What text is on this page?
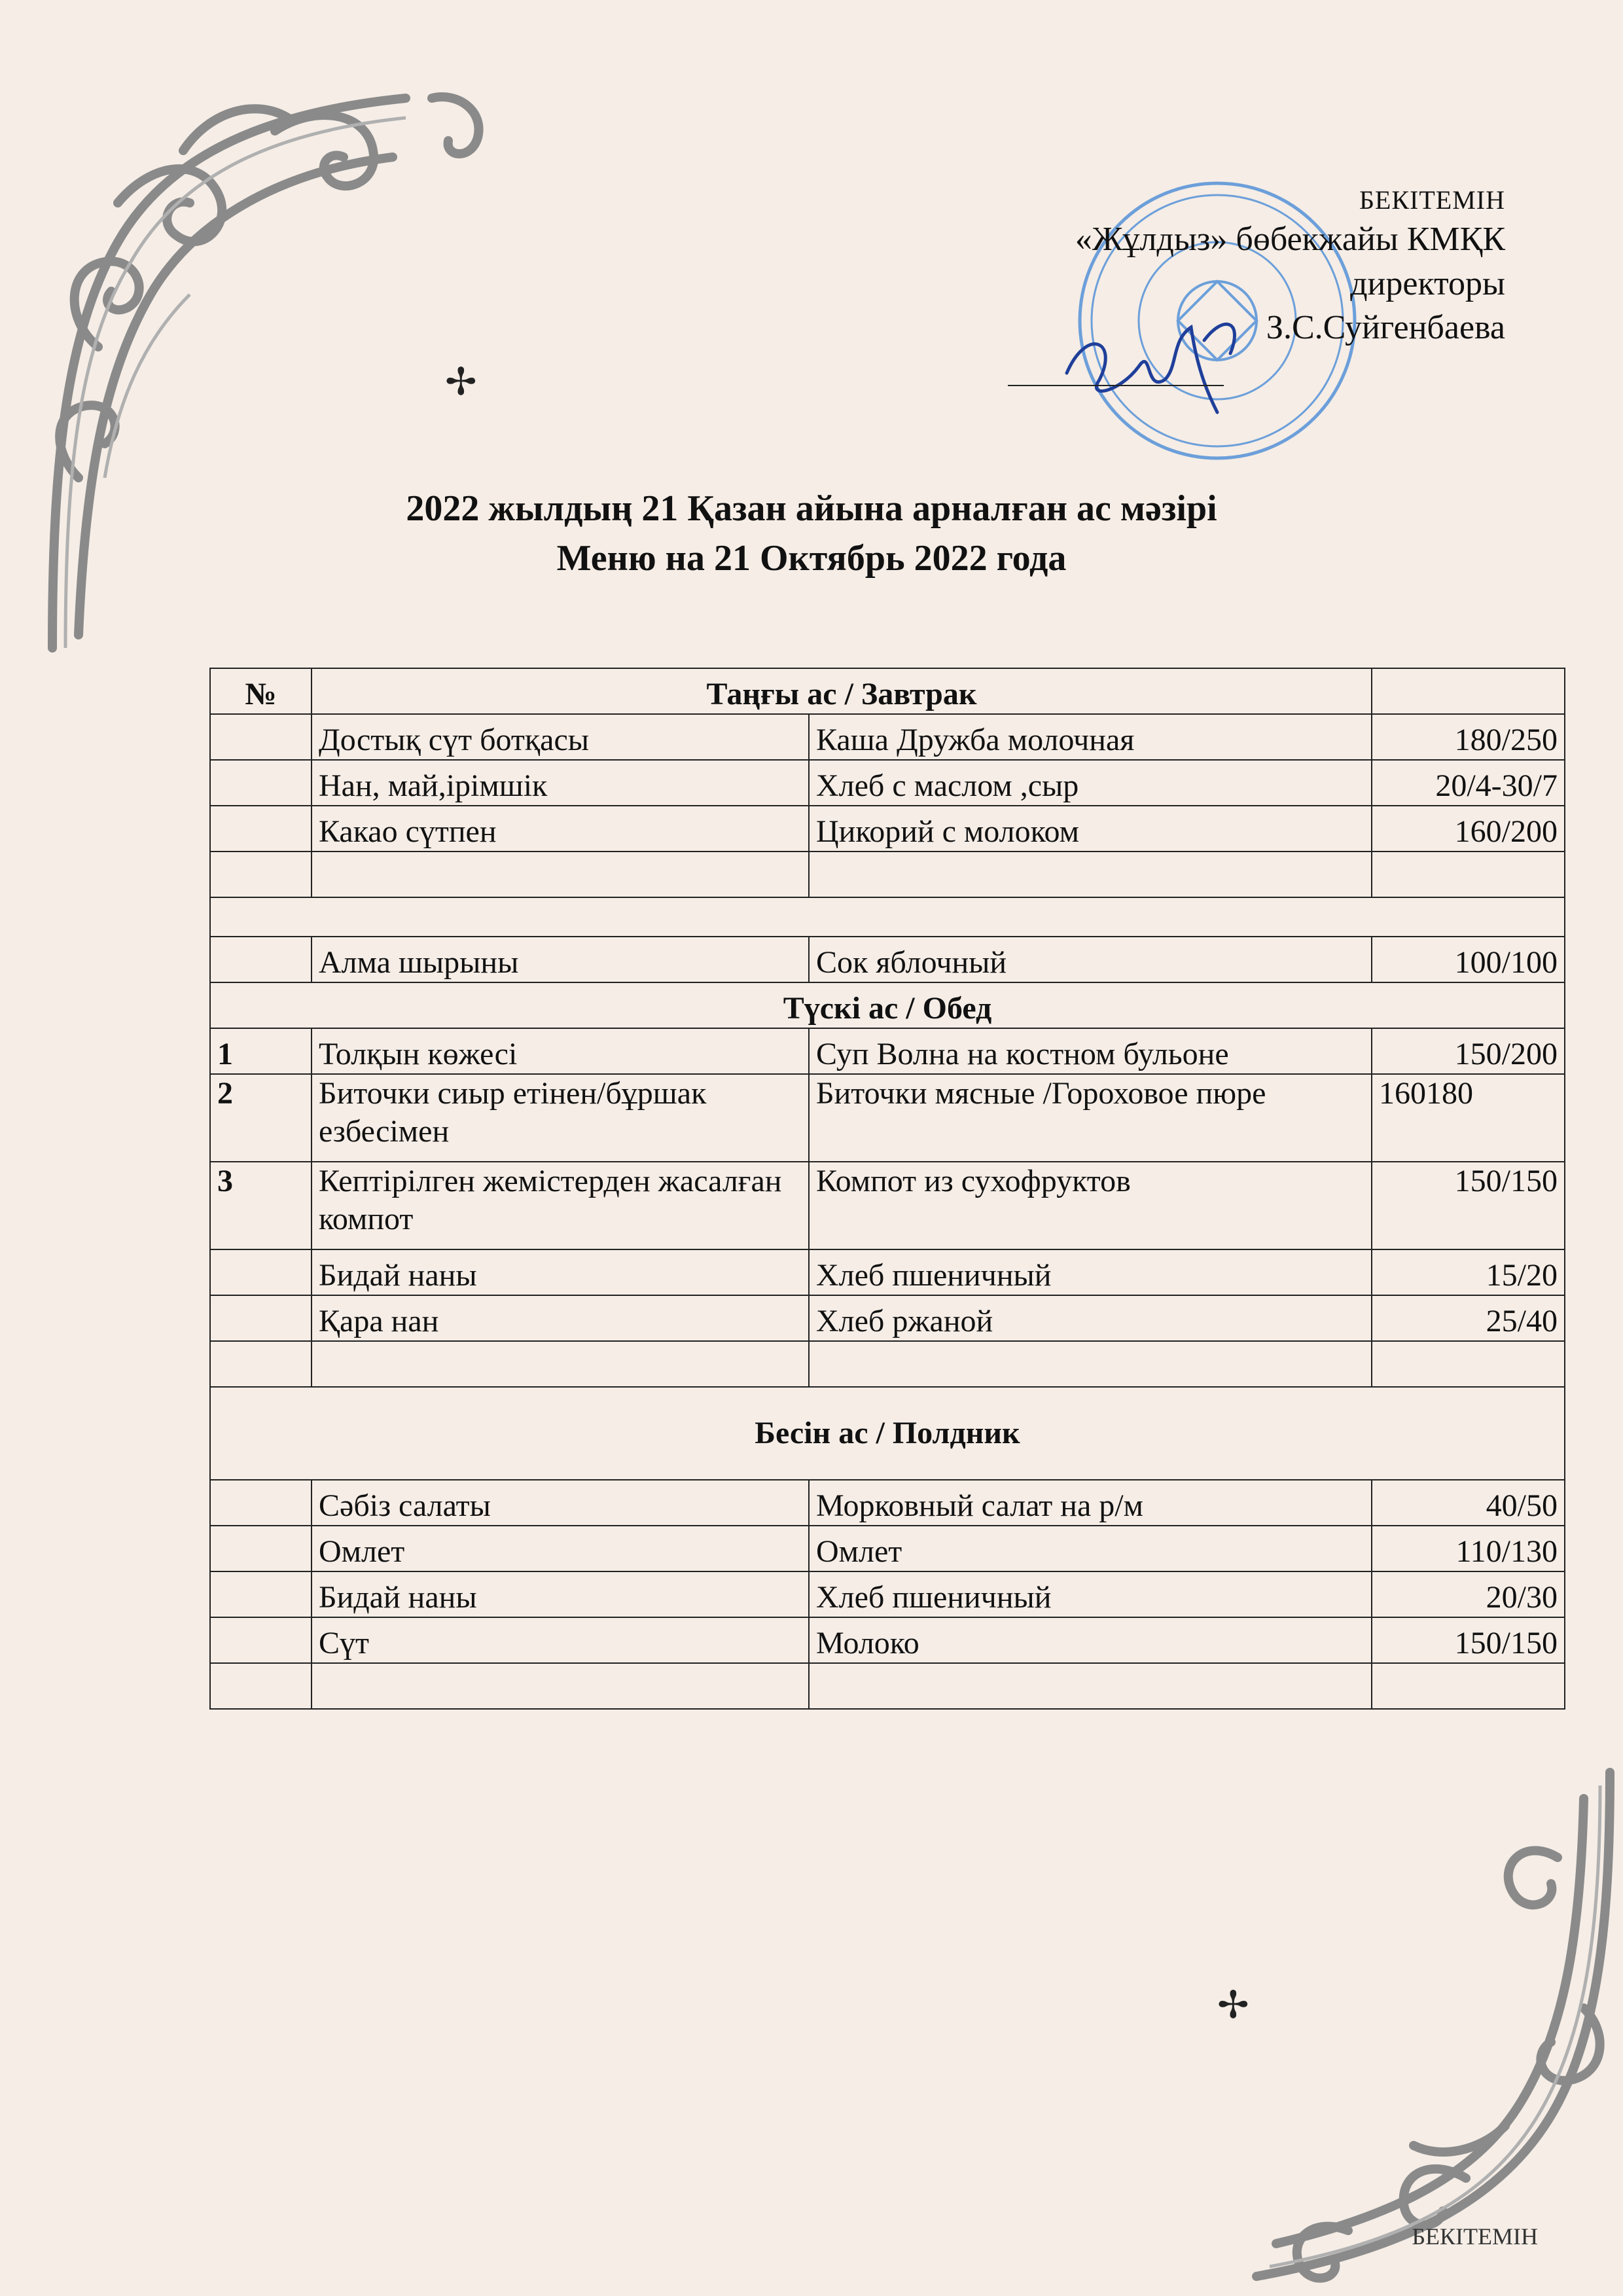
✢
✢
БЕКІТЕМІН
«Жұлдыз» бөбекжайы КМҚК
директоры
З.С.Суйгенбаева
2022 жылдың 21 Қазан айына арналған ас мәзірі
Меню на 21 Октябрь 2022 года
№	Таңғы ас / Завтрак		
	Достық сүт ботқасы	Каша Дружба молочная	180/250
	Нан, май,ірімшік	Хлеб с маслом ,сыр	20/4-30/7
	Какао сүтпен	Цикорий с молоком	160/200

	Алма шырыны	Сок яблочный	100/100
Түскі ас / Обед			
1	Толқын көжесі	Суп Волна на костном бульоне	150/200
2	Биточки сиыр етінен/бұршак езбесімен	Биточки мясные /Гороховое пюре	160180
3	Кептірілген жемістерден жасалған компот	Компот из сухофруктов	150/150
	Бидай наны	Хлеб пшеничный	15/20
	Қара нан	Хлеб ржаной	25/40

Бесін ас / Полдник			
	Сәбіз салаты	Морковный салат на р/м	40/50
	Омлет	Омлет	110/130
	Бидай наны	Хлеб пшеничный	20/30
	Сүт	Молоко	150/150

БЕКІТЕМІН
